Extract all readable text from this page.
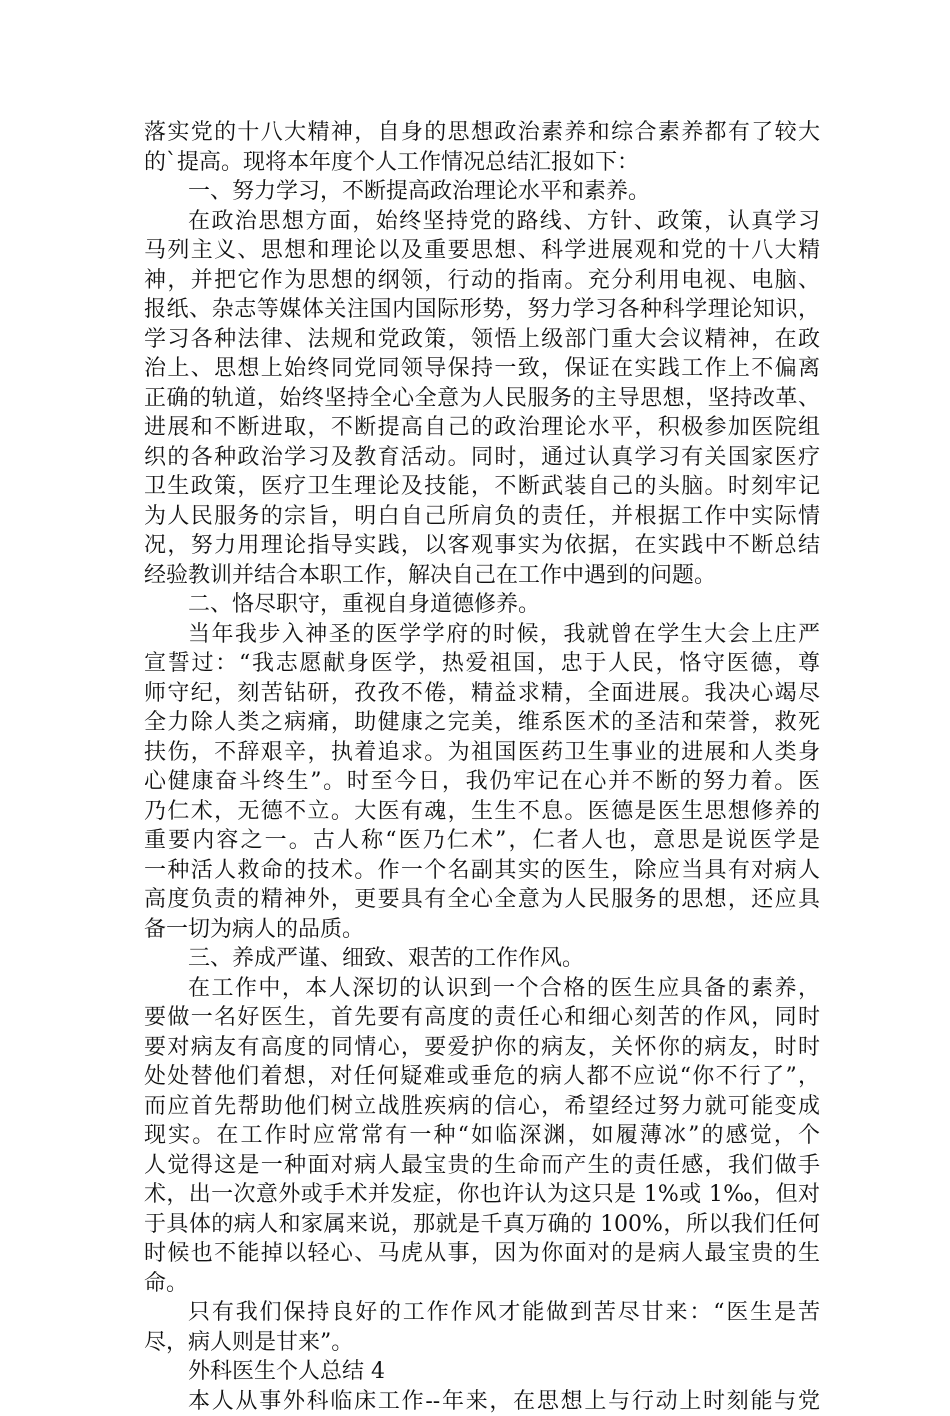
落实党的十八大精神，自身的思想政治素养和综合素养都有了较大
的`提高。现将本年度个人工作情况总结汇报如下：
一、努力学习，不断提高政治理论水平和素养。
在政治思想方面，始终坚持党的路线、方针、政策，认真学习
马列主义、思想和理论以及重要思想、科学进展观和党的十八大精
神，并把它作为思想的纲领，行动的指南。充分利用电视、电脑、
报纸、杂志等媒体关注国内国际形势，努力学习各种科学理论知识，
学习各种法律、法规和党政策，领悟上级部门重大会议精神，在政
治上、思想上始终同党同领导保持一致，保证在实践工作上不偏离
正确的轨道，始终坚持全心全意为人民服务的主导思想，坚持改革、
进展和不断进取，不断提高自己的政治理论水平，积极参加医院组
织的各种政治学习及教育活动。同时，通过认真学习有关国家医疗
卫生政策，医疗卫生理论及技能，不断武装自己的头脑。时刻牢记
为人民服务的宗旨，明白自己所肩负的责任，并根据工作中实际情
况，努力用理论指导实践，以客观事实为依据，在实践中不断总结
经验教训并结合本职工作，解决自己在工作中遇到的问题。
二、恪尽职守，重视自身道德修养。
当年我步入神圣的医学学府的时候，我就曾在学生大会上庄严
宣誓过：“我志愿献身医学，热爱祖国，忠于人民，恪守医德，尊
师守纪，刻苦钻研，孜孜不倦，精益求精，全面进展。我决心竭尽
全力除人类之病痛，助健康之完美，维系医术的圣洁和荣誉，救死
扶伤，不辞艰辛，执着追求。为祖国医药卫生事业的进展和人类身
心健康奋斗终生”。时至今日，我仍牢记在心并不断的努力着。医
乃仁术，无德不立。大医有魂，生生不息。医德是医生思想修养的
重要内容之一。古人称“医乃仁术”，仁者人也，意思是说医学是
一种活人救命的技术。作一个名副其实的医生，除应当具有对病人
高度负责的精神外，更要具有全心全意为人民服务的思想，还应具
备一切为病人的品质。
三、养成严谨、细致、艰苦的工作作风。
在工作中，本人深切的认识到一个合格的医生应具备的素养，
要做一名好医生，首先要有高度的责任心和细心刻苦的作风，同时
要对病友有高度的同情心，要爱护你的病友，关怀你的病友，时时
处处替他们着想，对任何疑难或垂危的病人都不应说“你不行了”，
而应首先帮助他们树立战胜疾病的信心，希望经过努力就可能变成
现实。在工作时应常常有一种“如临深渊，如履薄冰”的感觉，个
人觉得这是一种面对病人最宝贵的生命而产生的责任感，我们做手
术，出一次意外或手术并发症，你也许认为这只是 1%或 1‰，但对
于具体的病人和家属来说，那就是千真万确的 100%，所以我们任何
时候也不能掉以轻心、马虎从事，因为你面对的是病人最宝贵的生
命。
只有我们保持良好的工作作风才能做到苦尽甘来：“医生是苦
尽，病人则是甘来”。
外科医生个人总结 4
本人从事外科临床工作--年来，在思想上与行动上时刻能与党
